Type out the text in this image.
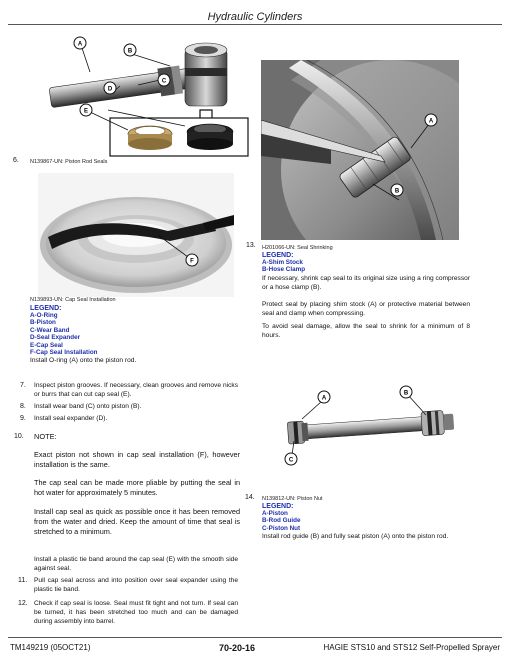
Hydraulic Cylinders
A
B
C
D
E
6. N139867-UN: Piston Rod Seals
F
N139893-UN: Cap Seal Installation
LEGEND:
A-O-Ring
B-Piston
C-Wear Band
D-Seal Expander
E-Cap Seal
F-Cap Seal Installation
Install O-ring (A) onto the piston rod.
7. Inspect piston grooves. If necessary, clean grooves and remove nicks or burrs that can cut cap seal (E).
8. Install wear band (C) onto piston (B).
9. Install seal expander (D).
10. NOTE:
Exact piston not shown in cap seal installation (F), however installation is the same.
The cap seal can be made more pliable by putting the seal in hot water for approximately 5 minutes.
Install cap seal as quick as possible once it has been removed from the water and dried. Keep the amount of time that seal is stretched to a minimum.
Install a plastic tie band around the cap seal (E) with the smooth side against seal.
11. Pull cap seal across and into position over seal expander using the plastic tie band.
12. Check if cap seal is loose. Seal must fit tight and not turn. If seal can be turned, it has been stretched too much and can be damaged during assembly into barrel.
A
B
13. H201066-UN: Seal Shrinking
LEGEND:
A-Shim Stock
B-Hose Clamp
If necessary, shrink cap seal to its original size using a ring compressor or a hose clamp (B).
Protect seal by placing shim stock (A) or protective material between seal and clamp when compressing.
To avoid seal damage, allow the seal to shrink for a minimum of 8 hours.
A
B
C
14. N139812-UN: Piston Nut
LEGEND:
A-Piston
B-Rod Guide
C-Piston Nut
Install rod guide (B) and fully seat piston (A) onto the piston rod.
TM149219 (05OCT21)	70-20-16	HAGIE STS10 and STS12 Self-Propelled Sprayer
